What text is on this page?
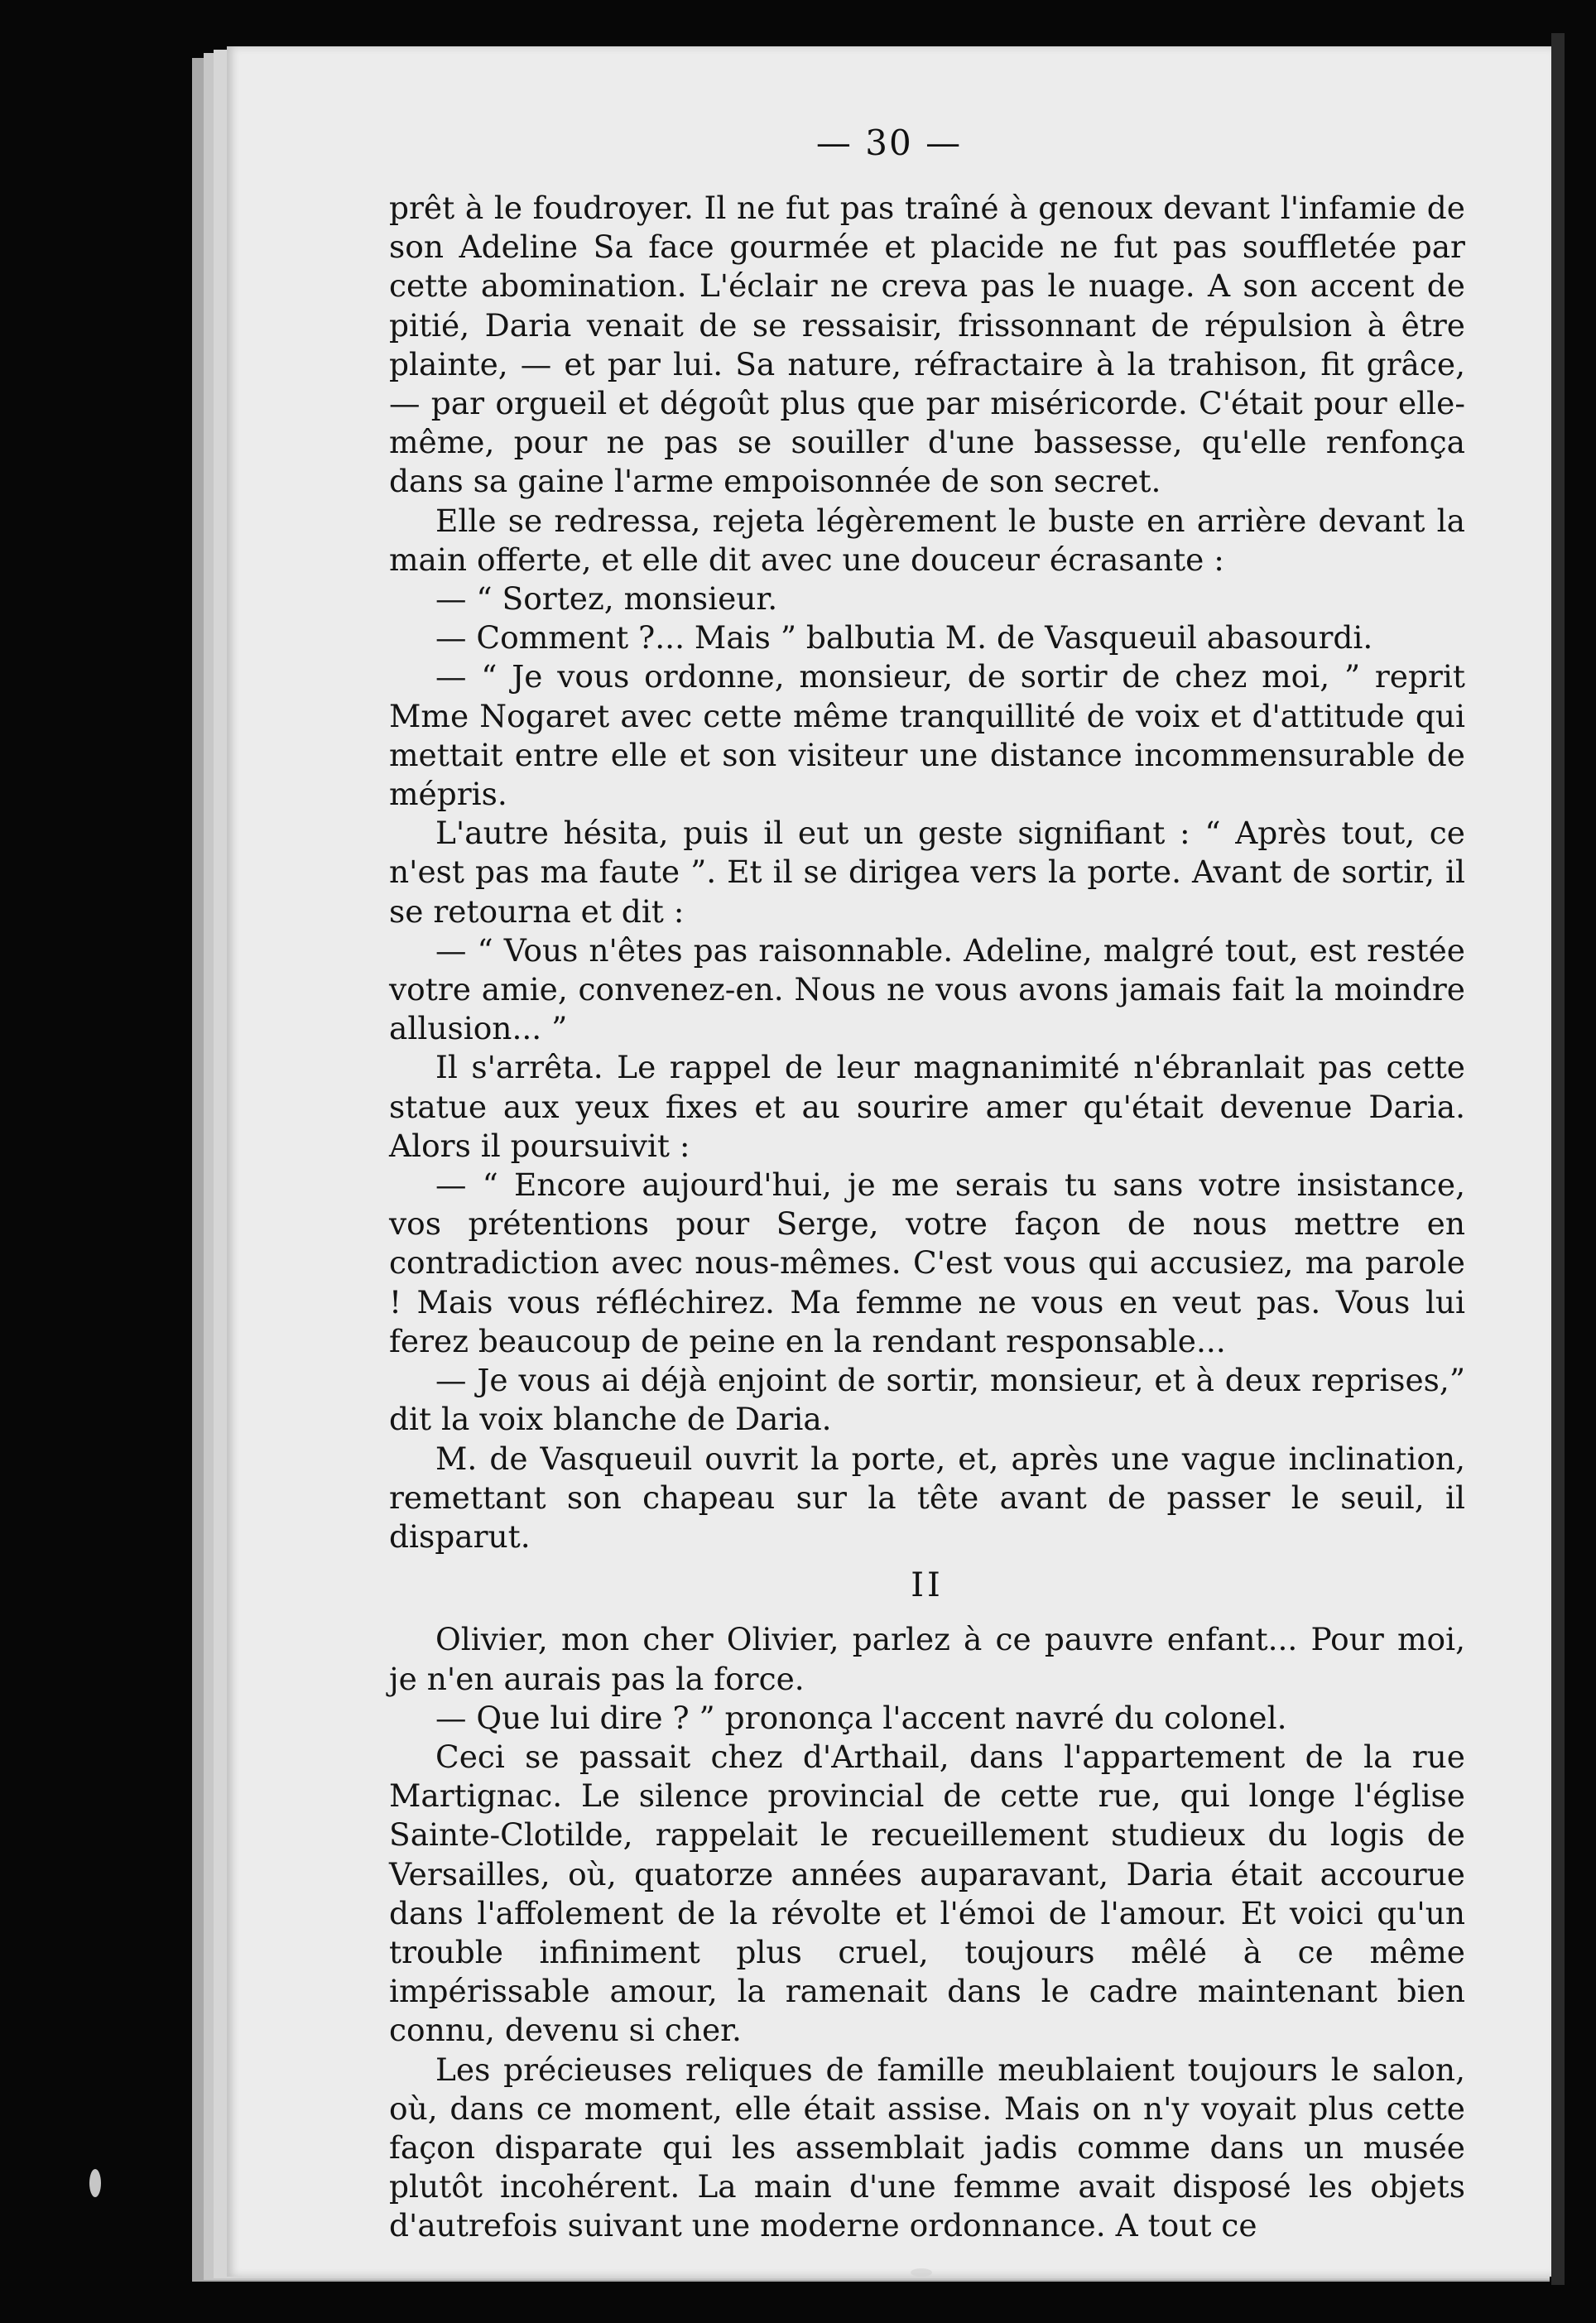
— 30 —

prêt à le foudroyer. Il ne fut pas traîné à genoux devant l'infamie de son Adeline Sa face gourmée et placide ne fut pas souffletée par cette abomination. L'éclair ne creva pas le nuage. A son accent de pitié, Daria venait de se ressaisir, frissonnant de répulsion à être plainte, — et par lui. Sa nature, réfractaire à la trahison, fit grâce, — par orgueil et dégoût plus que par miséricorde. C'était pour elle-même, pour ne pas se souiller d'une bassesse, qu'elle renfonça dans sa gaine l'arme empoisonnée de son secret.

Elle se redressa, rejeta légèrement le buste en arrière devant la main offerte, et elle dit avec une douceur écrasante :

— “ Sortez, monsieur.

— Comment ?... Mais ” balbutia M. de Vasqueuil abasourdi.

— “ Je vous ordonne, monsieur, de sortir de chez moi, ” reprit Mme Nogaret avec cette même tranquillité de voix et d'attitude qui mettait entre elle et son visiteur une distance incommensurable de mépris.

L'autre hésita, puis il eut un geste signifiant : “ Après tout, ce n'est pas ma faute ”. Et il se dirigea vers la porte. Avant de sortir, il se retourna et dit :

— “ Vous n'êtes pas raisonnable. Adeline, malgré tout, est restée votre amie, convenez-en. Nous ne vous avons jamais fait la moindre allusion... ”

Il s'arrêta. Le rappel de leur magnanimité n'ébranlait pas cette statue aux yeux fixes et au sourire amer qu'était devenue Daria. Alors il poursuivit :

— “ Encore aujourd'hui, je me serais tu sans votre insistance, vos prétentions pour Serge, votre façon de nous mettre en contradiction avec nous-mêmes. C'est vous qui accusiez, ma parole ! Mais vous réfléchirez. Ma femme ne vous en veut pas. Vous lui ferez beaucoup de peine en la rendant responsable...

— Je vous ai déjà enjoint de sortir, monsieur, et à deux reprises,” dit la voix blanche de Daria.

M. de Vasqueuil ouvrit la porte, et, après une vague inclination, remettant son chapeau sur la tête avant de passer le seuil, il disparut.

II

Olivier, mon cher Olivier, parlez à ce pauvre enfant... Pour moi, je n'en aurais pas la force.

— Que lui dire ? ” prononça l'accent navré du colonel.

Ceci se passait chez d'Arthail, dans l'appartement de la rue Martignac. Le silence provincial de cette rue, qui longe l'église Sainte-Clotilde, rappelait le recueillement studieux du logis de Versailles, où, quatorze années auparavant, Daria était accourue dans l'affolement de la révolte et l'émoi de l'amour. Et voici qu'un trouble infiniment plus cruel, toujours mêlé à ce même impérissable amour, la ramenait dans le cadre maintenant bien connu, devenu si cher.

Les précieuses reliques de famille meublaient toujours le salon, où, dans ce moment, elle était assise. Mais on n'y voyait plus cette façon disparate qui les assemblait jadis comme dans un musée plutôt incohérent. La main d'une femme avait disposé les objets d'autrefois suivant une moderne ordonnance. A tout ce
